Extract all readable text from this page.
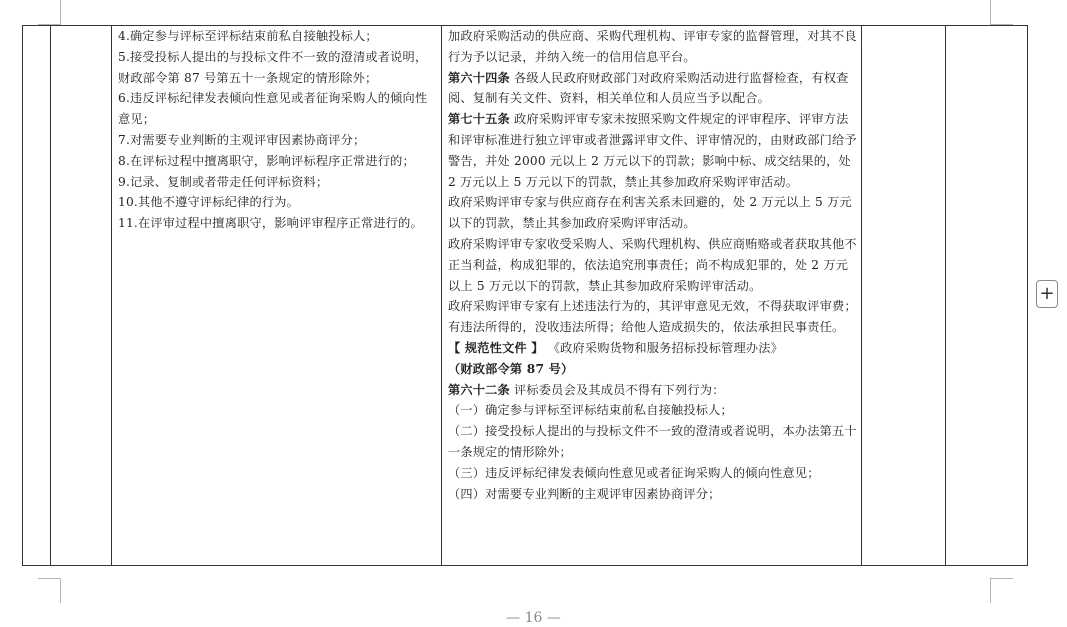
4.确定参与评标至评标结束前私自接触投标人；
5.接受投标人提出的与投标文件不一致的澄清或者说明，财政部令第 87 号第五十一条规定的情形除外；
6.违反评标纪律发表倾向性意见或者征询采购人的倾向性意见；
7.对需要专业判断的主观评审因素协商评分；
8.在评标过程中擅离职守，影响评标程序正常进行的；
9.记录、复制或者带走任何评标资料；
10.其他不遵守评标纪律的行为。
11.在评审过程中擅离职守，影响评审程序正常进行的。
加政府采购活动的供应商、采购代理机构、评审专家的监督管理，对其不良行为予以记录，并纳入统一的信用信息平台。
第六十四条 各级人民政府财政部门对政府采购活动进行监督检查，有权查阅、复制有关文件、资料，相关单位和人员应当予以配合。
第七十五条 政府采购评审专家未按照采购文件规定的评审程序、评审方法和评审标准进行独立评审或者泄露评审文件、评审情况的，由财政部门给予警告，并处 2000 元以上 2 万元以下的罚款；影响中标、成交结果的，处 2 万元以上 5 万元以下的罚款，禁止其参加政府采购评审活动。
政府采购评审专家与供应商存在利害关系未回避的，处 2 万元以上 5 万元以下的罚款，禁止其参加政府采购评审活动。
政府采购评审专家收受采购人、采购代理机构、供应商贿赂或者获取其他不正当利益，构成犯罪的，依法追究刑事责任；尚不构成犯罪的，处 2 万元以上 5 万元以下的罚款，禁止其参加政府采购评审活动。
政府采购评审专家有上述违法行为的，其评审意见无效，不得获取评审费；有违法所得的，没收违法所得；给他人造成损失的，依法承担民事责任。
【 规范性文件 】 《政府采购货物和服务招标投标管理办法》
（财政部令第 87 号）
第六十二条 评标委员会及其成员不得有下列行为：
（一）确定参与评标至评标结束前私自接触投标人；
（二）接受投标人提出的与投标文件不一致的澄清或者说明，本办法第五十一条规定的情形除外；
（三）违反评标纪律发表倾向性意见或者征询采购人的倾向性意见；
（四）对需要专业判断的主观评审因素协商评分；
+
— 16 —
